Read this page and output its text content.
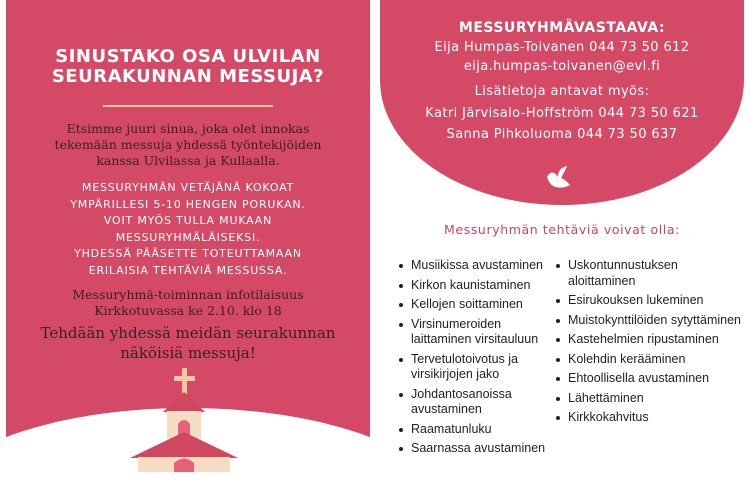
SINUSTAKO OSA ULVILAN
SEURAKUNNAN MESSUJA?
Etsimme juuri sinua, joka olet innokas
tekemään messuja yhdessä työntekijöiden
kanssa Ulvilassa ja Kullaalla.
MESSURYHMÄN VETÄJÄNÄ KOKOAT
YMPÄRILLESI 5-10 HENGEN PORUKAN.
VOIT MYÖS TULLA MUKAAN
MESSURYHMÄLÄISEKSI.
YHDESSÄ PÄÄSETTE TOTEUTTAMAAN
ERILAISIA TEHTÄVIÄ MESSUSSA.
Messuryhmä-toiminnan infotilaisuus
Kirkkotuvassa ke 2.10. klo 18
Tehdään yhdessä meidän seurakunnan
näköisiä messuja!
MESSURYHMÄVASTAAVA:
Eija Humpas-Toivanen 044 73 50 612
eija.humpas-toivanen@evl.fi
Lisätietoja antavat myös:
Katri Järvisalo-Hoffström 044 73 50 621
Sanna Pihkoluoma 044 73 50 637
Messuryhmän tehtäviä voivat olla:
Musiikissa avustaminen
Kirkon kaunistaminen
Kellojen soittaminen
Virsinumeroiden laittaminen virsitauluun
Tervetulotoivotus ja virsikirjojen jako
Johdantosanoissa avustaminen
Raamatunluku
Saarnassa avustaminen
Uskontunnustuksen aloittaminen
Esirukouksen lukeminen
Muistokynttilöiden sytyttäminen
Kastehelmien ripustaminen
Kolehdin kerääminen
Ehtoollisella avustaminen
Lähettäminen
Kirkkokahvitus
